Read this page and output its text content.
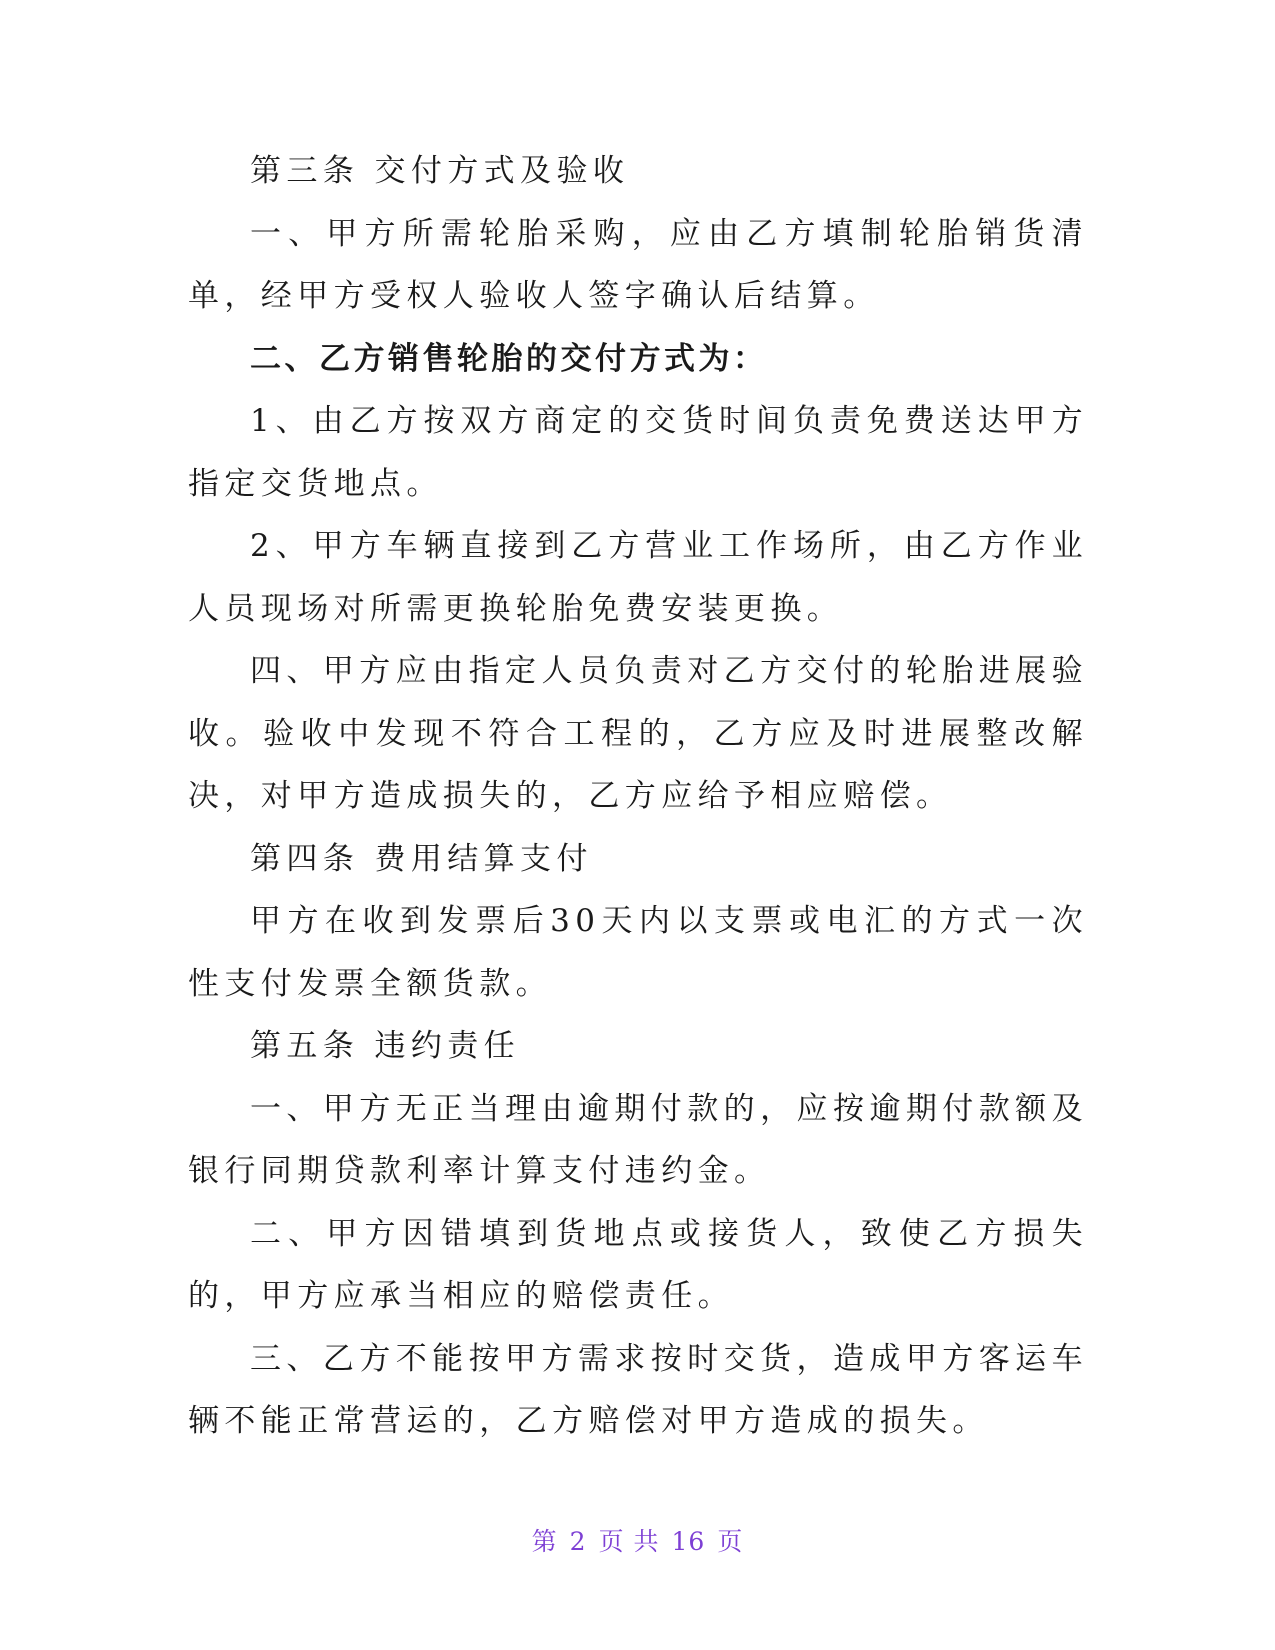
第三条 交付方式及验收

一、甲方所需轮胎采购，应由乙方填制轮胎销货清单，经甲方受权人验收人签字确认后结算。

二、乙方销售轮胎的交付方式为：

1、由乙方按双方商定的交货时间负责免费送达甲方指定交货地点。

2、甲方车辆直接到乙方营业工作场所，由乙方作业人员现场对所需更换轮胎免费安装更换。

四、甲方应由指定人员负责对乙方交付的轮胎进展验收。验收中发现不符合工程的，乙方应及时进展整改解决，对甲方造成损失的，乙方应给予相应赔偿。

第四条 费用结算支付

甲方在收到发票后30天内以支票或电汇的方式一次性支付发票全额货款。

第五条 违约责任

一、甲方无正当理由逾期付款的，应按逾期付款额及银行同期贷款利率计算支付违约金。

二、甲方因错填到货地点或接货人，致使乙方损失的，甲方应承当相应的赔偿责任。

三、乙方不能按甲方需求按时交货，造成甲方客运车辆不能正常营运的，乙方赔偿对甲方造成的损失。

第 2 页 共 16 页
